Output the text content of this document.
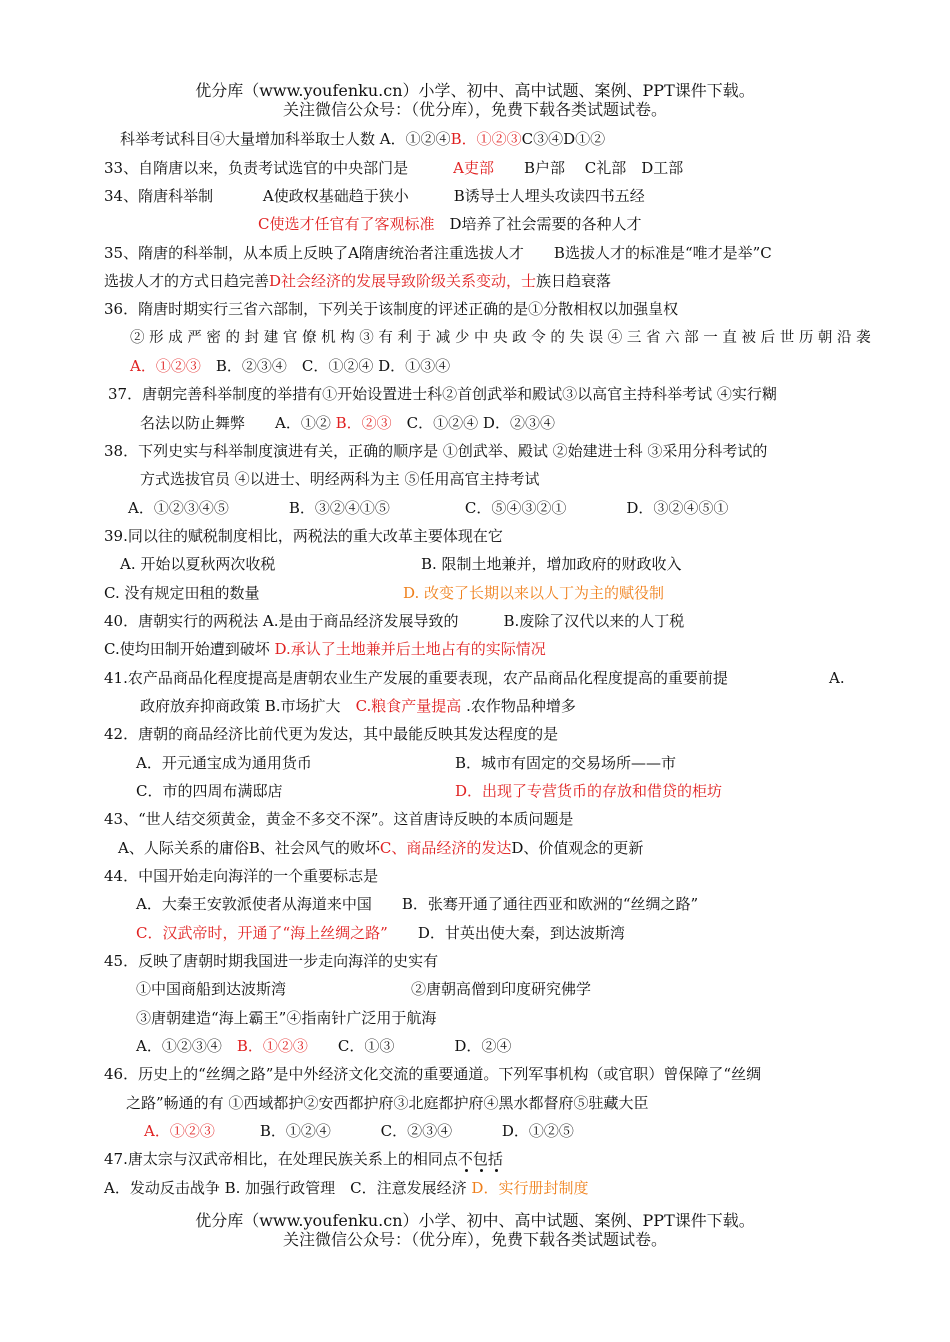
优分库（www.youfenku.cn）小学、初中、高中试题、案例、PPT课件下载。
关注微信公众号：（优分库），免费下载各类试题试卷。
科举考试科目④大量增加科举取士人数 A．①②④B．①②③C③④D①②
33、自隋唐以来，负责考试选官的中央部门是　　　	A吏部　　 B户部　 C礼部　D工部
34、隋唐科举制　　　 A使政权基础趋于狭小　　　B诱导士人埋头攻读四书五经
C使选才任官有了客观标准　 D培养了社会需要的各种人才
35、隋唐的科举制，从本质上反映了A隋唐统治者注重选拔人才　　B选拔人才的标准是“唯才是举”C
选拔人才的方式日趋完善D社会经济的发展导致阶级关系变动，士族日趋衰落
36．隋唐时期实行三省六部制，下列关于该制度的评述正确的是①分散相权以加强皇权
② 形 成 严 密 的 封 建 官 僚 机 构 ③ 有 利 于 减 少 中 央 政 令 的 失 误 ④ 三 省 六 部 一 直 被 后 世 历 朝 沿 袭
A．①②③　 B．②③④　C．①②④ D．①③④
37．唐朝完善科举制度的举措有①开始设置进士科②首创武举和殿试③以高官主持科举考试 ④实行糊
名法以防止舞弊　　A．①② B．②③　 C．①②④ D．②③④
38．下列史实与科举制度演进有关，正确的顺序是 ①创武举、殿试 ②始建进士科 ③采用分科考试的
方式选拔官员 ④以进士、明经两科为主 ⑤任用高官主持考试
A．①②③④⑤　　　　B．③②④①⑤　　　　　C．⑤④③②①　　　　D．③②④⑤①
39.同以往的赋税制度相比，两税法的重大改革主要体现在它
A. 开始以夏秋两次收税	B. 限制土地兼并，增加政府的财政收入
C. 没有规定田租的数量	D. 改变了长期以来以人丁为主的赋役制
40．唐朝实行的两税法 A.是由于商品经济发展导致的　　　B.废除了汉代以来的人丁税
C.使均田制开始遭到破坏 D.承认了土地兼并后土地占有的实际情况
41.农产品商品化程度提高是唐朝农业生产发展的重要表现，农产品商品化程度提高的重要前提	A.
政府放弃抑商政策 B.市场扩大　 C.粮食产量提高 .农作物品种增多
42．唐朝的商品经济比前代更为发达，其中最能反映其发达程度的是
A．开元通宝成为通用货币	B．城市有固定的交易场所——市
C．市的四周布满邸店	D．出现了专营货币的存放和借贷的柜坊
43、“世人结交须黄金，黄金不多交不深”。这首唐诗反映的本质问题是
A、人际关系的庸俗B、社会风气的败坏C、商品经济的发达D、价值观念的更新
44．中国开始走向海洋的一个重要标志是
A．大秦王安敦派使者从海道来中国　　B．张骞开通了通往西亚和欧洲的“丝绸之路”
C．汉武帝时，开通了“海上丝绸之路”　　 D．甘英出使大秦，到达波斯湾
45．反映了唐朝时期我国进一步走向海洋的史实有
①中国商船到达波斯湾	②唐朝高僧到印度研究佛学
③唐朝建造“海上霸王”④指南针广泛用于航海
A．①②③④　 B．①②③　　 C．①③　　　　D．②④
46．历史上的“丝绸之路”是中外经济文化交流的重要通道。下列军事机构（或官职）曾保障了“丝绸
之路”畅通的有 ①西域都护②安西都护府③北庭都护府④黑水都督府⑤驻藏大臣
A．①②③　　　	B．①②④　　　 C．②③④　　　 D．①②⑤
47.唐太宗与汉武帝相比，在处理民族关系上的相同点不包括
A．发动反击战争 B. 加强行政管理　C．注意发展经济 D．实行册封制度
优分库（www.youfenku.cn）小学、初中、高中试题、案例、PPT课件下载。
关注微信公众号：（优分库），免费下载各类试题试卷。
